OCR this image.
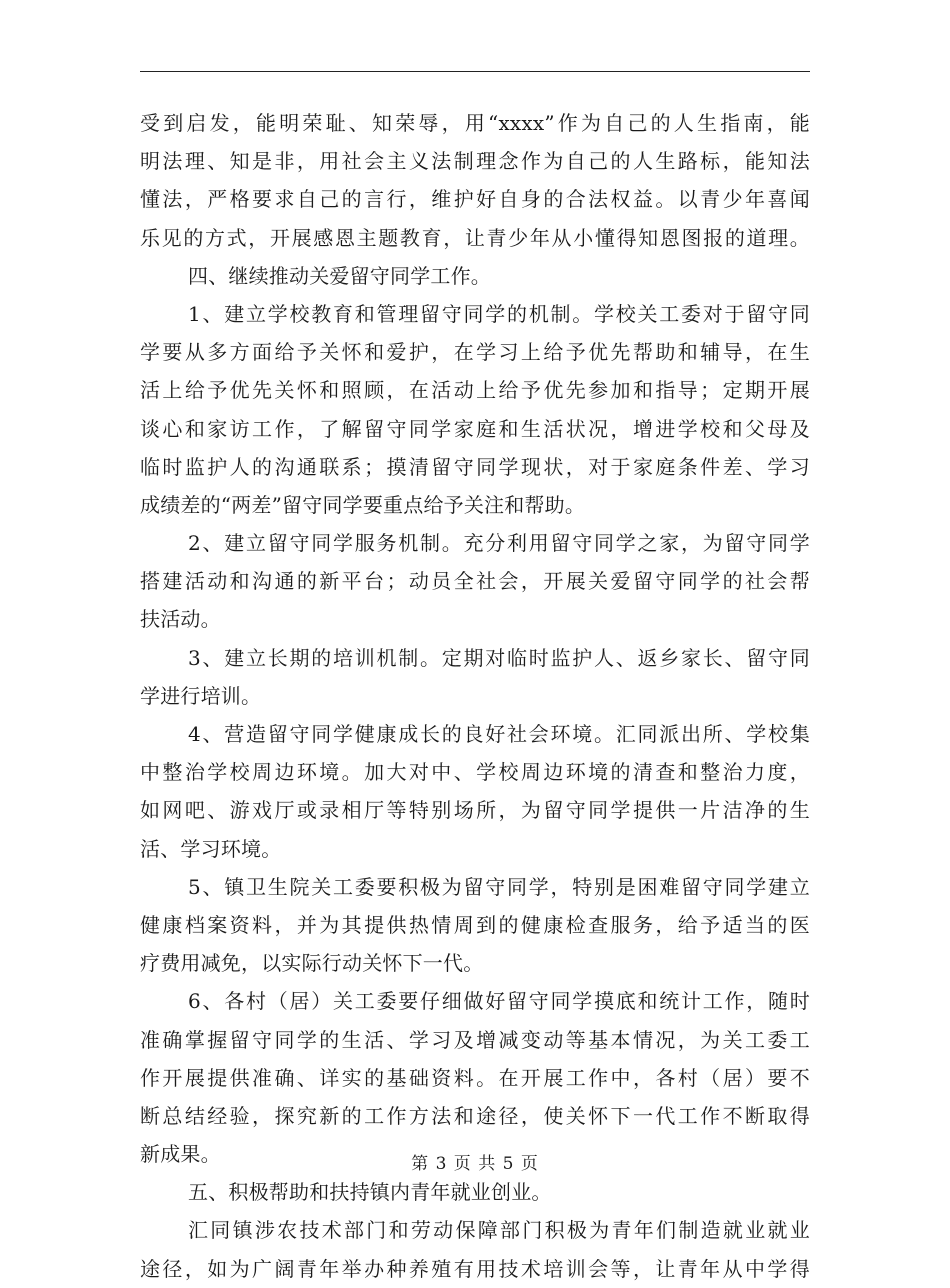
受到启发，能明荣耻、知荣辱，用“xxxx”作为自己的人生指南，能
明法理、知是非，用社会主义法制理念作为自己的人生路标，能知法
懂法，严格要求自己的言行，维护好自身的合法权益。以青少年喜闻
乐见的方式，开展感恩主题教育，让青少年从小懂得知恩图报的道理。
四、继续推动关爱留守同学工作。
1、建立学校教育和管理留守同学的机制。学校关工委对于留守同
学要从多方面给予关怀和爱护，在学习上给予优先帮助和辅导，在生
活上给予优先关怀和照顾，在活动上给予优先参加和指导；定期开展
谈心和家访工作，了解留守同学家庭和生活状况，增进学校和父母及
临时监护人的沟通联系；摸清留守同学现状，对于家庭条件差、学习
成绩差的“两差”留守同学要重点给予关注和帮助。
2、建立留守同学服务机制。充分利用留守同学之家，为留守同学
搭建活动和沟通的新平台；动员全社会，开展关爱留守同学的社会帮
扶活动。
3、建立长期的培训机制。定期对临时监护人、返乡家长、留守同
学进行培训。
4、营造留守同学健康成长的良好社会环境。汇同派出所、学校集
中整治学校周边环境。加大对中、学校周边环境的清查和整治力度，
如网吧、游戏厅或录相厅等特别场所，为留守同学提供一片洁净的生
活、学习环境。
5、镇卫生院关工委要积极为留守同学，特别是困难留守同学建立
健康档案资料，并为其提供热情周到的健康检查服务，给予适当的医
疗费用减免，以实际行动关怀下一代。
6、各村（居）关工委要仔细做好留守同学摸底和统计工作，随时
准确掌握留守同学的生活、学习及增减变动等基本情况，为关工委工
作开展提供准确、详实的基础资料。在开展工作中，各村（居）要不
断总结经验，探究新的工作方法和途径，使关怀下一代工作不断取得
新成果。
五、积极帮助和扶持镇内青年就业创业。
汇同镇涉农技术部门和劳动保障部门积极为青年们制造就业就业
途径，如为广阔青年举办种养殖有用技术培训会等，让青年从中学得
第 3 页 共 5 页
